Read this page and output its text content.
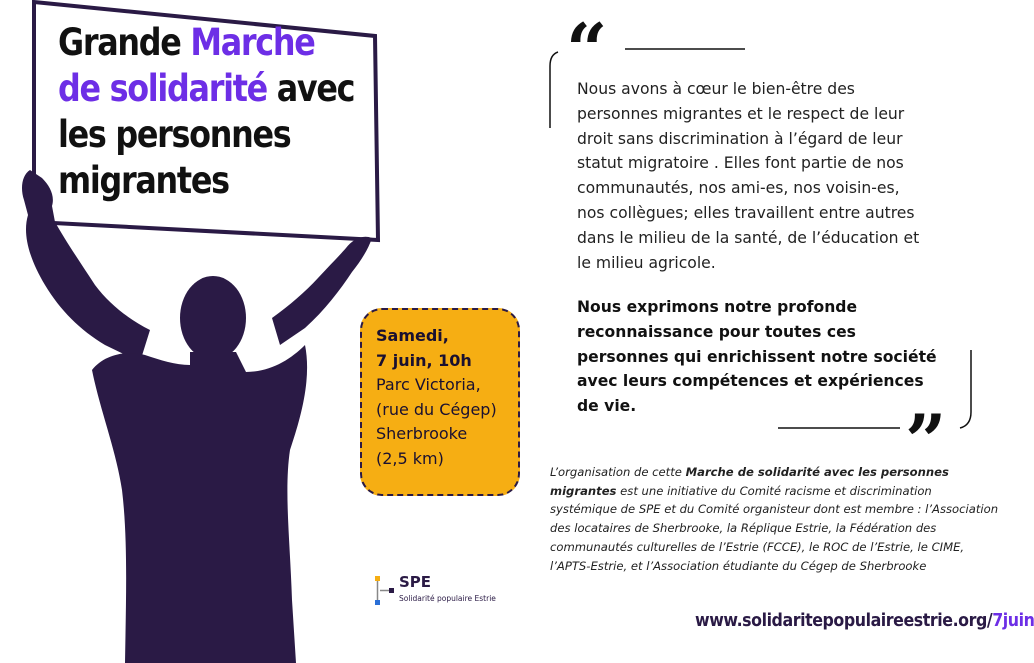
Grande Marche
de solidarité avec
les personnes
migrantes
Samedi,
7 juin, 10h
Parc Victoria,
(rue du Cégep)
Sherbrooke
(2,5 km)
“
”
Nous avons à cœur le bien-être des
personnes migrantes et le respect de leur
droit sans discrimination à l’égard de leur
statut migratoire . Elles font partie de nos
communautés, nos ami-es, nos voisin-es,
nos collègues; elles travaillent entre autres
dans le milieu de la santé, de l’éducation et
le milieu agricole.
Nous exprimons notre profonde
reconnaissance pour toutes ces
personnes qui enrichissent notre société
avec leurs compétences et expériences
de vie.
L’organisation de cette Marche de solidarité avec les personnes migrantes est une initiative du Comité racisme et discrimination systémique de SPE et du Comité organisteur dont est membre : l’Association des locataires de Sherbrooke, la Réplique Estrie, la Fédération des communautés culturelles de l’Estrie (FCCE), le ROC de l’Estrie, le CIME, l’APTS-Estrie, et l’Association étudiante du Cégep de Sherbrooke
SPE
Solidarité populaire Estrie
www.solidaritepopulaireestrie.org/7juin
